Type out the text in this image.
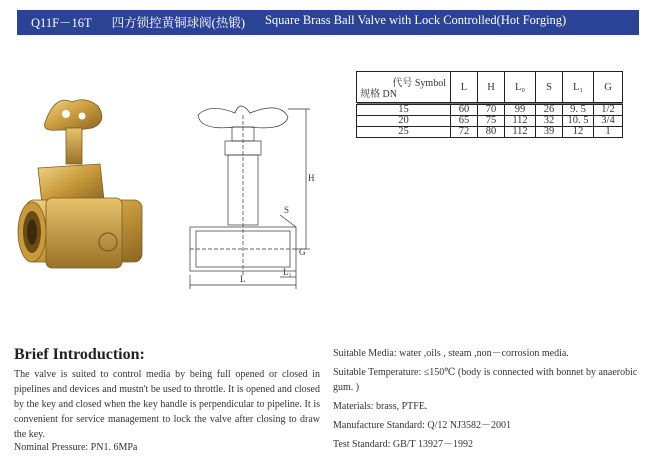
Q11F－16T 四方锁控黄铜球阀(热锻) Square Brass Ball Valve with Lock Controlled(Hot Forging)
H
S
G
L
L₁
代号 Symbol
规格 DN	L	H	L₀	S	L₁	G

15	60	70	99	26	9. 5	1/2
20	65	75	112	32	10. 5	3/4
25	72	80	112	39	12	1
Brief Introduction:

The valve is suited to control media by being full opened or closed in pipelines and devices and mustn't be used to throttle. It is opened and closed by the key and closed when the key handle is perpendicular to pipeline. It is convenient for service management to lock the valve after closing to draw the key.

Nominal Pressure: PN1. 6MPa

Suitable Media: water ,oils , steam ,non－corrosion media.

Suitable Temperature: ≤150℃ (body is connected with bonnet by anaerobic gum. )

Materials: brass, PTFE.

Manufacture Standard: Q/12 NJ3582－2001

Test Standard: GB/T 13927－1992
